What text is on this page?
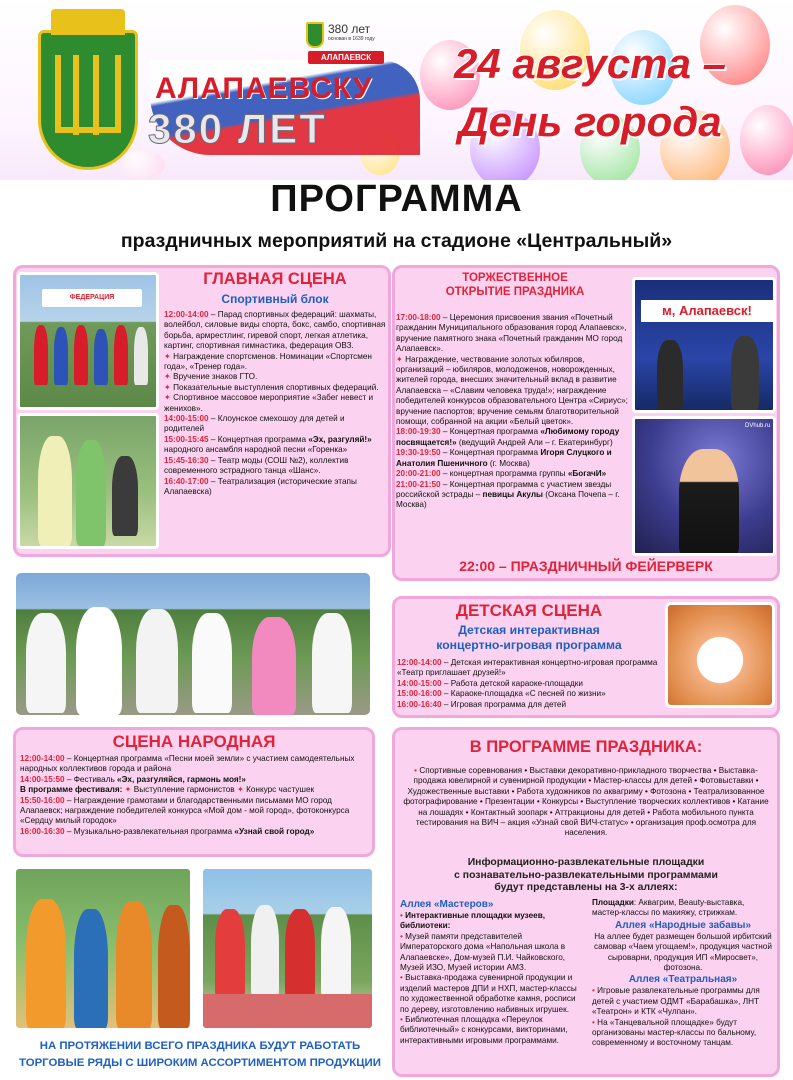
АЛАПАЕВСКУ
380 ЛЕТ
380 лет
основан в 1639 году
АЛАПАЕВСК	24 августа –
День города
ПРОГРАММА
праздничных мероприятий на стадионе «Центральный»
ФЕДЕРАЦИЯ
ГЛАВНАЯ СЦЕНА
Спортивный блок

12:00-14:00 – Парад спортивных федераций: шахматы, волейбол, силовые виды спорта, бокс, самбо, спортивная борьба, армрестлинг, гиревой спорт, легкая атлетика, картинг, спортивная гимнастика, федерация ОВЗ.

✦ Награждение спортсменов. Номинации «Спортсмен года», «Тренер года».

✦ Вручение знаков ГТО.

✦ Показательные выступления спортивных федераций.

✦ Спортивное массовое мероприятие «Забег невест и женихов».

14:00-15:00 – Клоунское смехошоу для детей и родителей

15:00-15:45 – Концертная программа «Эх, разгуляй!» народного ансамбля народной песни «Горенка»

15:45-16:30 – Театр моды (СОШ №2), коллектив современного эстрадного танца «Шанс».

16:40-17:00 – Театрализация (исторические этапы Алапаевска)

ТОРЖЕСТВЕННОЕ
ОТКРЫТИЕ ПРАЗДНИКА
м, Алапаевск!
DVhub.ru

17:00-18:00 – Церемония присвоения звания «Почетный гражданин Муниципального образования город Алапаевск», вручение памятного знака «Почетный гражданин МО город Алапаевск».

✦ Награждение, чествование золотых юбиляров, организаций – юбиляров, молодоженов, новорожденных, жителей города, внесших значительный вклад в развитие Алапаевска – «Славим человека труда!»; награждение победителей конкурсов образовательного Центра «Сириус»; вручение паспортов; вручение семьям благотворительной помощи, собранной на акции «Белый цветок».

18:00-19:30 – Концертная программа «Любимому городу посвящается!» (ведущий Андрей Али – г. Екатеринбург)

19:30-19:50 – Концертная программа Игоря Слуцкого и Анатолия Пшеничного (г. Москва)

20:00-21:00 – концертная программа группы «БогачИ»

21:00-21:50 – Концертная программа с участием звезды российской эстрады – певицы Акулы (Оксана Почепа – г. Москва)

22:00 – ПРАЗДНИЧНЫЙ ФЕЙЕРВЕРК
ДЕТСКАЯ СЦЕНА
Детская интерактивная
концертно-игровая программа

12:00-14:00 – Детская интерактивная концертно-игровая программа «Театр приглашает друзей!»

14:00-15:00 – Работа детской караоке-площадки

15:00-16:00 – Караоке-площадка «С песней по жизни»

16:00-16:40 – Игровая программа для детей

СЦЕНА НАРОДНАЯ

12:00-14:00 – Концертная программа «Песни моей земли» с участием самодеятельных народных коллективов города и района

14:00-15:50 – Фестиваль «Эх, разгуляйся, гармонь моя!»

В программе фестиваля: ✦ Выступление гармонистов ✦ Конкурс частушек

15:50-16:00 – Награждение грамотами и благодарственными письмами МО город Алапаевск; награждение победителей конкурса «Мой дом - мой город», фотоконкурса «Сердцу милый городок»

16:00-16:30 – Музыкально-развлекательная программа «Узнай свой город»

В ПРОГРАММЕ ПРАЗДНИКА:

• Спортивные соревнования • Выставки декоративно-прикладного творчества • Выставка-продажа ювелирной и сувенирной продукции • Мастер-классы для детей • Фотовыставки • Художественные выставки • Работа художников по аквагриму • Фотозона • Театрализованное фотографирование • Презентации • Конкурсы • Выступление творческих коллективов • Катание на лошадях • Контактный зоопарк • Аттракционы для детей • Работа мобильного пункта тестирования на ВИЧ – акция «Узнай свой ВИЧ-статус» • организация проф.осмотра для населения.

Информационно-развлекательные площадки
с познавательно-развлекательными программами
будут представлены на 3-х аллеях:

Аллея «Мастеров»

• Интерактивные площадки музеев, библиотеки:

• Музей памяти представителей Императорского дома «Напольная школа в Алапаевске», Дом-музей П.И. Чайковского, Музей ИЗО, Музей истории АМЗ.

• Выставка-продажа сувенирной продукции и изделий мастеров ДПИ и НХП, мастер-классы по художественной обработке камня, росписи по дереву, изготовлению набивных игрушек.

• Библиотечная площадка «Переулок библиотечный» с конкурсами, викторинами, интерактивными игровыми программами.

Площадки: Аквагрим, Beauty-выставка, мастер-классы по макияжу, стрижкам.

Аллея «Народные забавы»

На аллее будет размещен большой ирбитский самовар «Чаем угощаем!», продукция частной сыроварни, продукция ИП «Миросвет», фотозона.

Аллея «Театральная»

• Игровые развлекательные программы для детей с участием ОДМТ «Барабашка», ЛНТ «Театрон» и КТК «Чулпан».

• На «Танцевальной площадке» будут организованы мастер-классы по бальному, современному и восточному танцам.

НА ПРОТЯЖЕНИИ ВСЕГО ПРАЗДНИКА БУДУТ РАБОТАТЬ
ТОРГОВЫЕ РЯДЫ С ШИРОКИМ АССОРТИМЕНТОМ ПРОДУКЦИИ
